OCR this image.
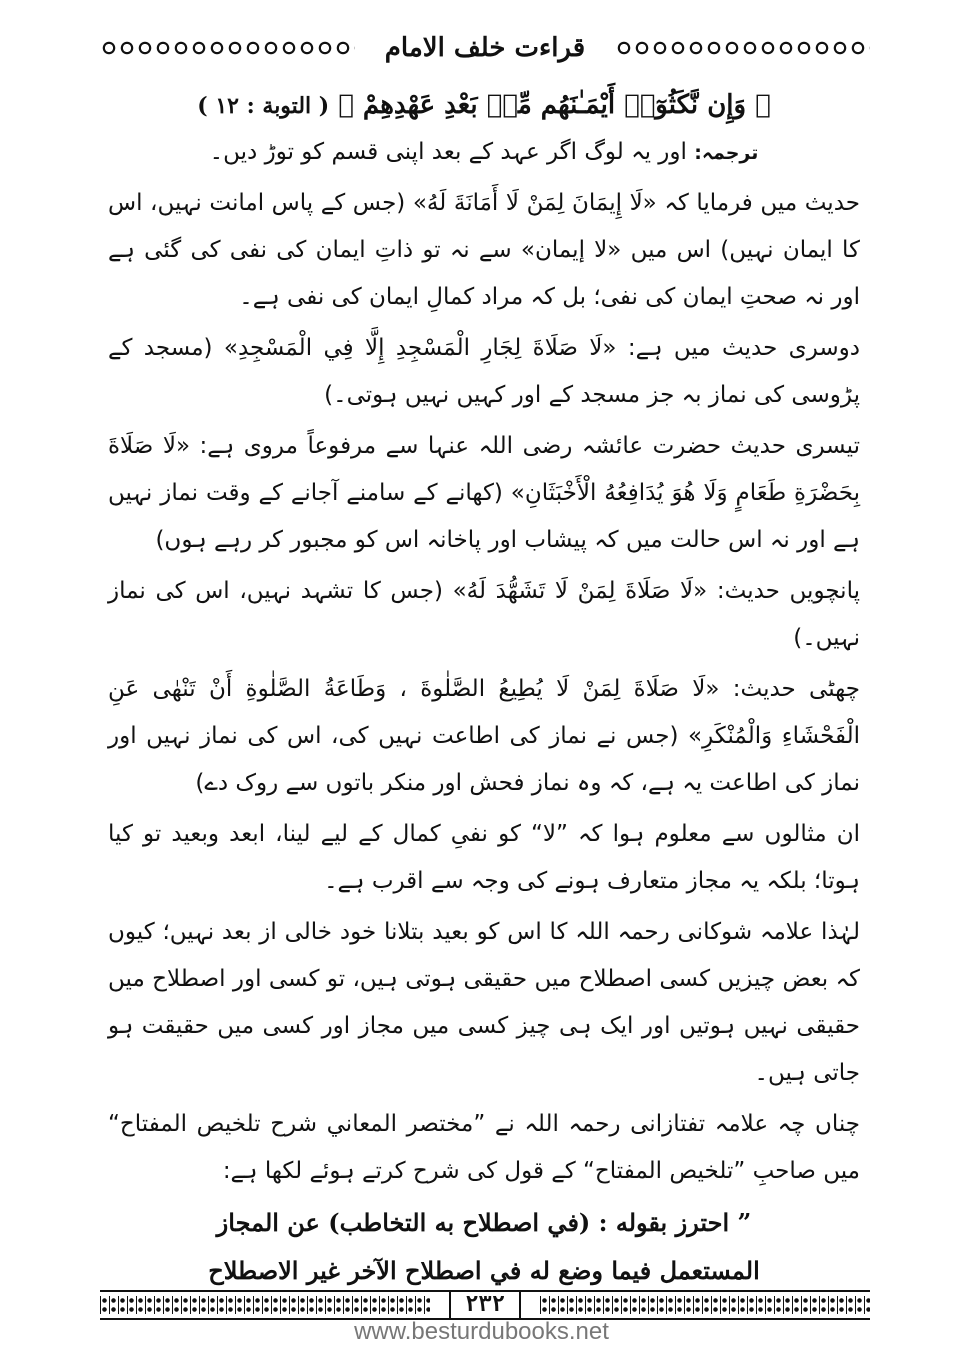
قراءت خلف الامام

﴿ وَإِن نَّكَثُوٓا۟ أَيْمَـٰنَهُم مِّنۢ بَعْدِ عَهْدِهِمْ ﴾ ( التوبة : ١٢ )

ترجمہ: اور یہ لوگ اگر عہد کے بعد اپنی قسم کو توڑ دیں۔

حدیث میں فرمایا کہ «لَا إِيمَانَ لِمَنْ لَا أَمَانَةَ لَهُ» (جس کے پاس امانت نہیں، اس کا ایمان نہیں) اس میں «لا إیمان» سے نہ تو ذاتِ ایمان کی نفی کی گئی ہے اور نہ صحتِ ایمان کی نفی؛ بل کہ مراد کمالِ ایمان کی نفی ہے۔

دوسری حدیث میں ہے: «لَا صَلَاةَ لِجَارِ الْمَسْجِدِ إِلَّا فِي الْمَسْجِدِ» (مسجد کے پڑوسی کی نماز بہ جز مسجد کے اور کہیں نہیں ہوتی۔)

تیسری حدیث حضرت عائشہ رضی اللہ عنہا سے مرفوعاً مروی ہے: «لَا صَلَاةَ بِحَضْرَةِ طَعَامٍ وَلَا هُوَ يُدَافِعُهُ الْأَخْبَثَانِ» (کھانے کے سامنے آجانے کے وقت نماز نہیں ہے اور نہ اس حالت میں کہ پیشاب اور پاخانہ اس کو مجبور کر رہے ہوں)

پانچویں حدیث: «لَا صَلَاةَ لِمَنْ لَا تَشَهُّدَ لَهُ» (جس کا تشہد نہیں، اس کی نماز نہیں۔)

چھٹی حدیث: «لَا صَلَاةَ لِمَنْ لَا يُطِيعُ الصَّلٰوةَ ، وَطَاعَةُ الصَّلٰوةِ أَنْ تَنْهٰى عَنِ الْفَحْشَاءِ وَالْمُنْكَرِ» (جس نے نماز کی اطاعت نہیں کی، اس کی نماز نہیں اور نماز کی اطاعت یہ ہے، کہ وہ نماز فحش اور منکر باتوں سے روک دے)

ان مثالوں سے معلوم ہوا کہ ”لا“ کو نفیِ کمال کے لیے لینا، ابعد وبعید تو کیا ہوتا؛ بلکہ یہ مجاز متعارف ہونے کی وجہ سے اقرب ہے۔

لہٰذا علامہ شوکانی رحمہ اللہ کا اس کو بعید بتلانا خود خالی از بعد نہیں؛ کیوں کہ بعض چیزیں کسی اصطلاح میں حقیقی ہوتی ہیں، تو کسی اور اصطلاح میں حقیقی نہیں ہوتیں اور ایک ہی چیز کسی میں مجاز اور کسی میں حقیقت ہو جاتی ہیں۔

چناں چہ علامہ تفتازانی رحمہ اللہ نے ”مختصر المعاني شرح تلخيص المفتاح“ میں صاحبِ ”تلخيص المفتاح“ کے قول کی شرح کرتے ہوئے لکھا ہے:

” احترز بقوله : (في اصطلاح به التخاطب) عن المجاز

المستعمل فيما وضع له في اصطلاح الآخر غير الاصطلاح

٢٣٢
www.besturdubooks.net
